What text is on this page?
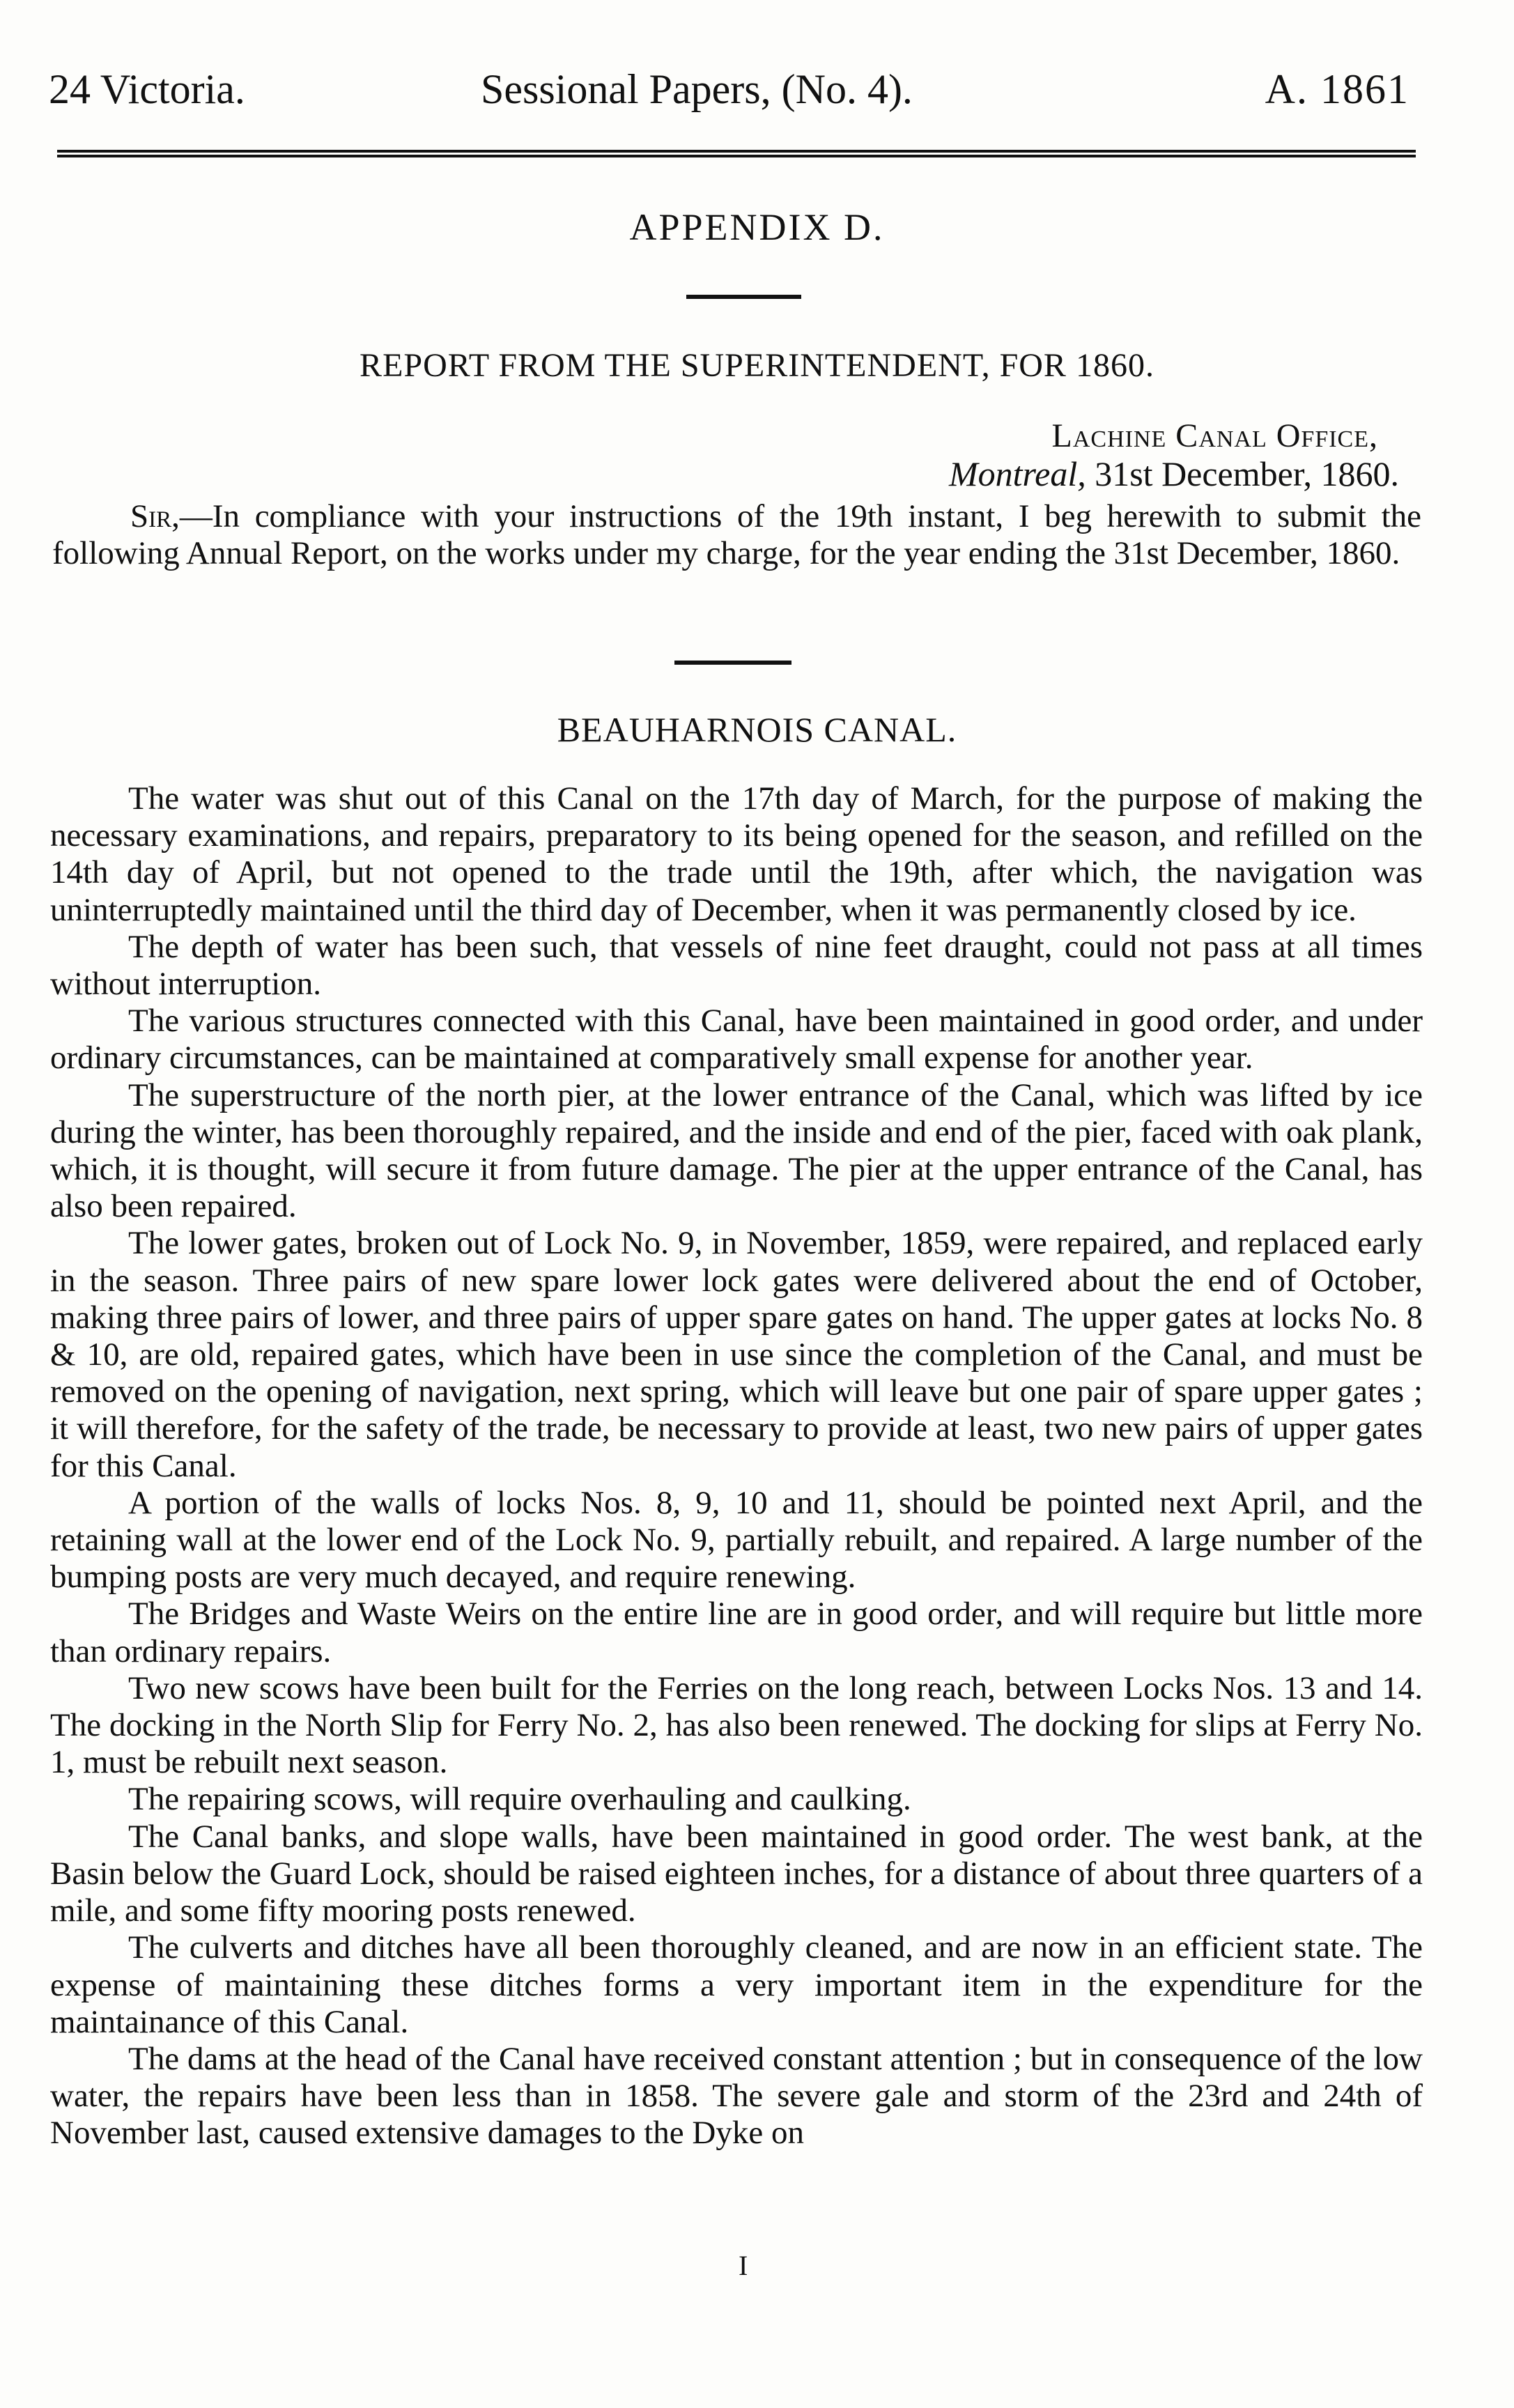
24 Victoria.	Sessional Papers, (No. 4).	A. 1861
APPENDIX D.
REPORT FROM THE SUPERINTENDENT, FOR 1860.
Lachine Canal Office,
Montreal, 31st December, 1860.
Sir,—In compliance with your instructions of the 19th instant, I beg herewith to submit the following Annual Report, on the works under my charge, for the year ending the 31st December, 1860.
BEAUHARNOIS CANAL.

The water was shut out of this Canal on the 17th day of March, for the purpose of making the necessary examinations, and repairs, preparatory to its being opened for the season, and refilled on the 14th day of April, but not opened to the trade until the 19th, after which, the navigation was uninterruptedly maintained until the third day of December, when it was permanently closed by ice.

The depth of water has been such, that vessels of nine feet draught, could not pass at all times without interruption.

The various structures connected with this Canal, have been maintained in good order, and under ordinary circumstances, can be maintained at comparatively small expense for another year.

The superstructure of the north pier, at the lower entrance of the Canal, which was lifted by ice during the winter, has been thoroughly repaired, and the inside and end of the pier, faced with oak plank, which, it is thought, will secure it from future damage. The pier at the upper entrance of the Canal, has also been repaired.

The lower gates, broken out of Lock No. 9, in November, 1859, were repaired, and replaced early in the season. Three pairs of new spare lower lock gates were delivered about the end of October, making three pairs of lower, and three pairs of upper spare gates on hand. The upper gates at locks No. 8 & 10, are old, repaired gates, which have been in use since the completion of the Canal, and must be removed on the opening of navigation, next spring, which will leave but one pair of spare upper gates ; it will therefore, for the safety of the trade, be necessary to provide at least, two new pairs of upper gates for this Canal.

A portion of the walls of locks Nos. 8, 9, 10 and 11, should be pointed next April, and the retaining wall at the lower end of the Lock No. 9, partially rebuilt, and repaired. A large number of the bumping posts are very much decayed, and require renewing.

The Bridges and Waste Weirs on the entire line are in good order, and will require but little more than ordinary repairs.

Two new scows have been built for the Ferries on the long reach, between Locks Nos. 13 and 14. The docking in the North Slip for Ferry No. 2, has also been renewed. The docking for slips at Ferry No. 1, must be rebuilt next season.

The repairing scows, will require overhauling and caulking.

The Canal banks, and slope walls, have been maintained in good order. The west bank, at the Basin below the Guard Lock, should be raised eighteen inches, for a distance of about three quarters of a mile, and some fifty mooring posts renewed.

The culverts and ditches have all been thoroughly cleaned, and are now in an efficient state. The expense of maintaining these ditches forms a very important item in the expenditure for the maintainance of this Canal.

The dams at the head of the Canal have received constant attention ; but in consequence of the low water, the repairs have been less than in 1858. The severe gale and storm of the 23rd and 24th of November last, caused extensive damages to the Dyke on

I
